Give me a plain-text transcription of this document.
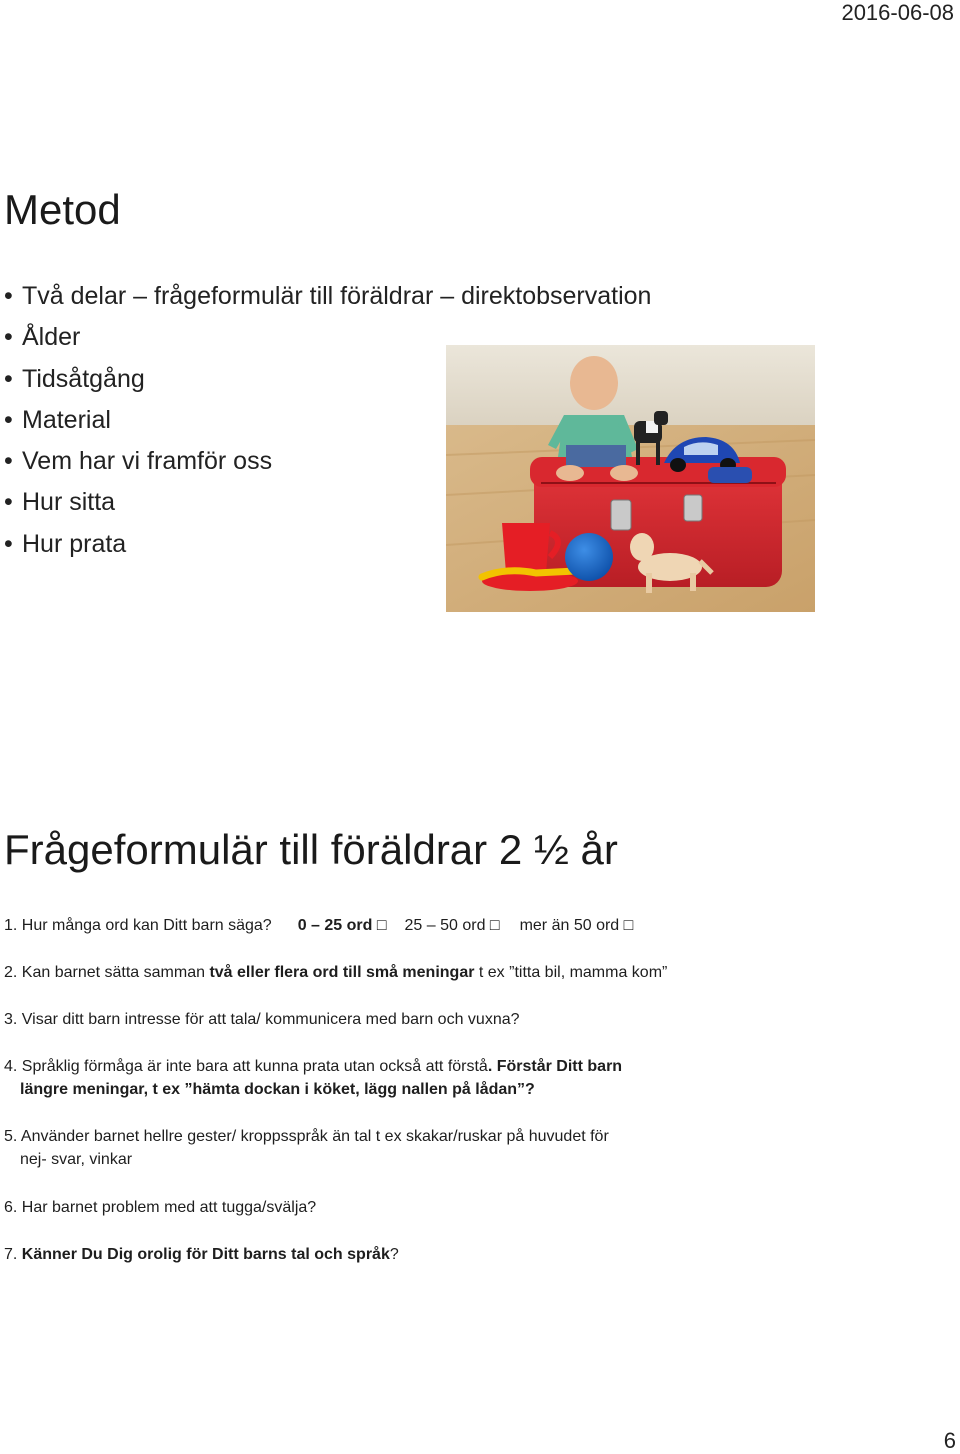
2016-06-08
Metod
• Två delar – frågeformulär till föräldrar – direktobservation
• Ålder
• Tidsåtgång
• Material
• Vem har vi framför oss
• Hur sitta
• Hur prata
Frågeformulär till föräldrar 2 ½ år
1. Hur många ord kan Ditt barn säga? 0 – 25 ord □ 25 – 50 ord □ mer än 50 ord □
2. Kan barnet sätta samman två eller flera ord till små meningar t ex ”titta bil, mamma kom”
3. Visar ditt barn intresse för att tala/ kommunicera med barn och vuxna?
4. Språklig förmåga är inte bara att kunna prata utan också att förstå. Förstår Ditt barn
längre meningar, t ex ”hämta dockan i köket, lägg nallen på lådan”?
5. Använder barnet hellre gester/ kroppsspråk än tal t ex skakar/ruskar på huvudet för
nej- svar, vinkar
6. Har barnet problem med att tugga/svälja?
7. Känner Du Dig orolig för Ditt barns tal och språk?
6
